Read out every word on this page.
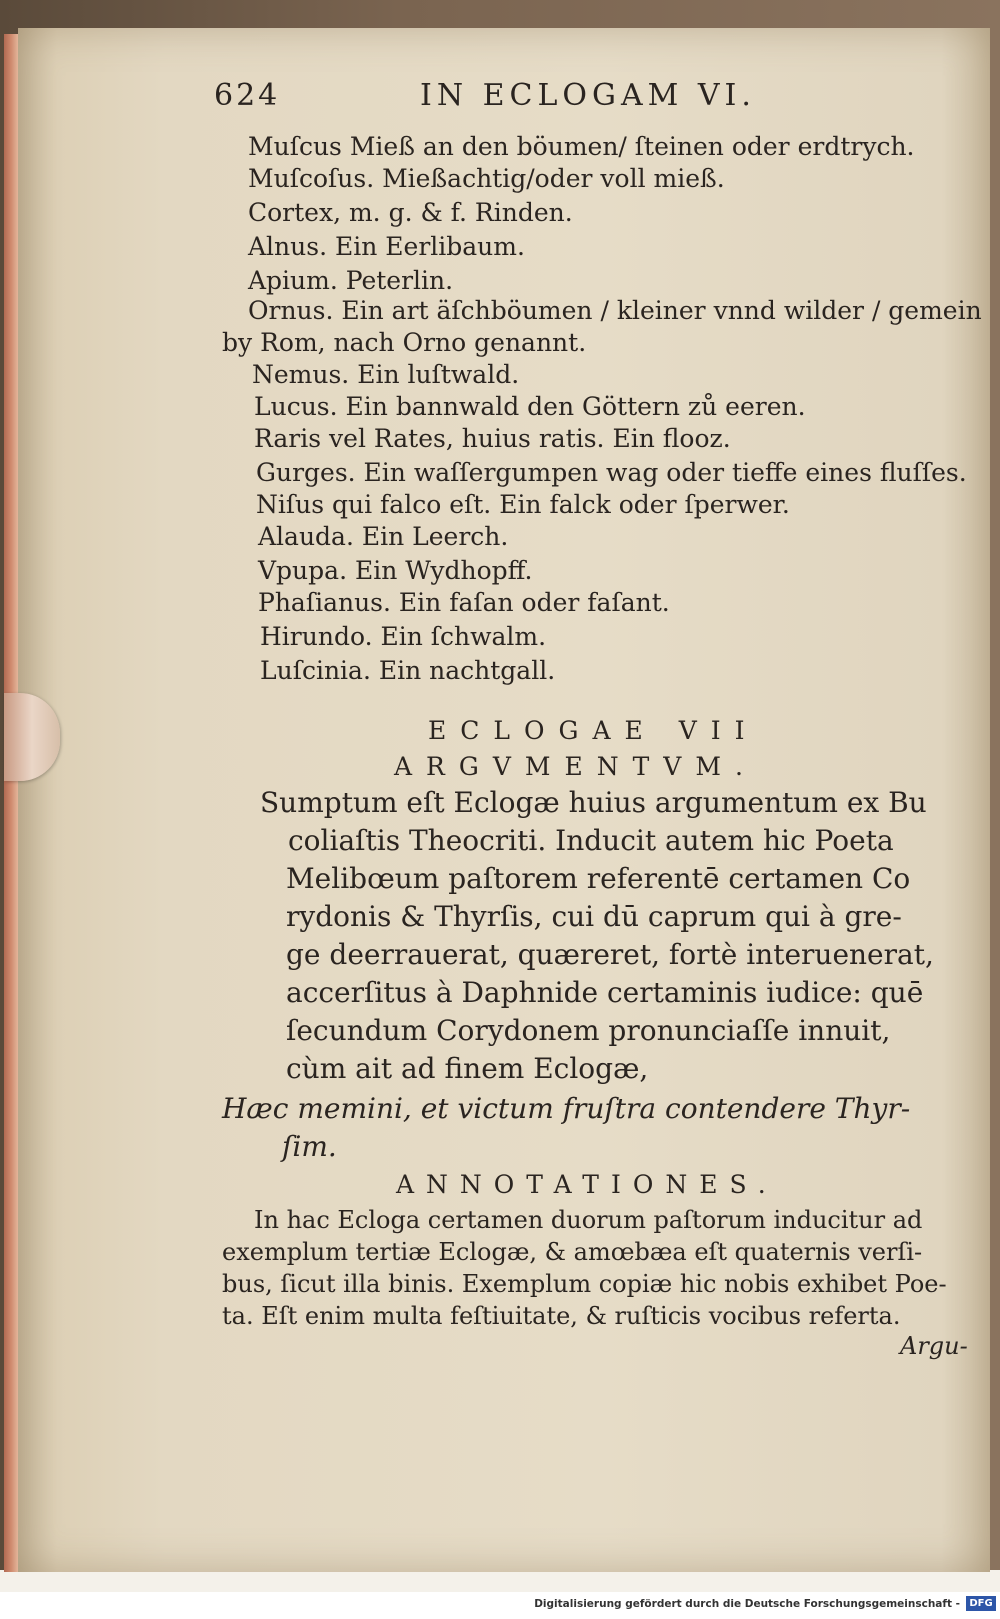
624	IN ECLOGAM VI.
Muſcus Mieß an den böumen/ ſteinen oder erdtrych.
Muſcoſus. Mießachtig/oder voll mieß.
Cortex, m. g. & f. Rinden.
Alnus. Ein Eerlibaum.
Apium. Peterlin.
Ornus. Ein art äſchböumen / kleiner vnnd wilder / gemein
by Rom, nach Orno genannt.
Nemus. Ein luſtwald.
Lucus. Ein bannwald den Göttern zů eeren.
Raris vel Rates, huius ratis. Ein flooz.
Gurges. Ein waſſergumpen wag oder tieffe eines fluſſes.
Niſus qui falco eſt. Ein falck oder ſperwer.
Alauda. Ein Leerch.
Vpupa. Ein Wydhopff.
Phaſianus. Ein faſan oder faſant.
Hirundo. Ein ſchwalm.
Luſcinia. Ein nachtgall.
ECLOGAE VII
ARGVMENTVM.
Sumptum eſt Eclogæ huius argumentum ex Bu
coliaſtis Theocriti. Inducit autem hic Poeta
Melibœum paſtorem referentē certamen Co
rydonis & Thyrſis, cui dū caprum qui à gre-
ge deerrauerat, quæreret, fortè interuenerat,
accerſitus à Daphnide certaminis iudice: quē
ſecundum Corydonem pronunciaſſe innuit,
cùm ait ad finem Eclogæ,
Hæc memini, et victum fruſtra contendere Thyr-
ſim.
ANNOTATIONES.
In hac Ecloga certamen duorum paſtorum inducitur ad
exemplum tertiæ Eclogæ, & amœbæa eſt quaternis verſi-
bus, ſicut illa binis. Exemplum copiæ hic nobis exhibet Poe-
ta. Eſt enim multa feſtiuitate, & ruſticis vocibus referta.
Argu-
Digitalisierung gefördert durch die Deutsche Forschungsgemeinschaft - DFG
